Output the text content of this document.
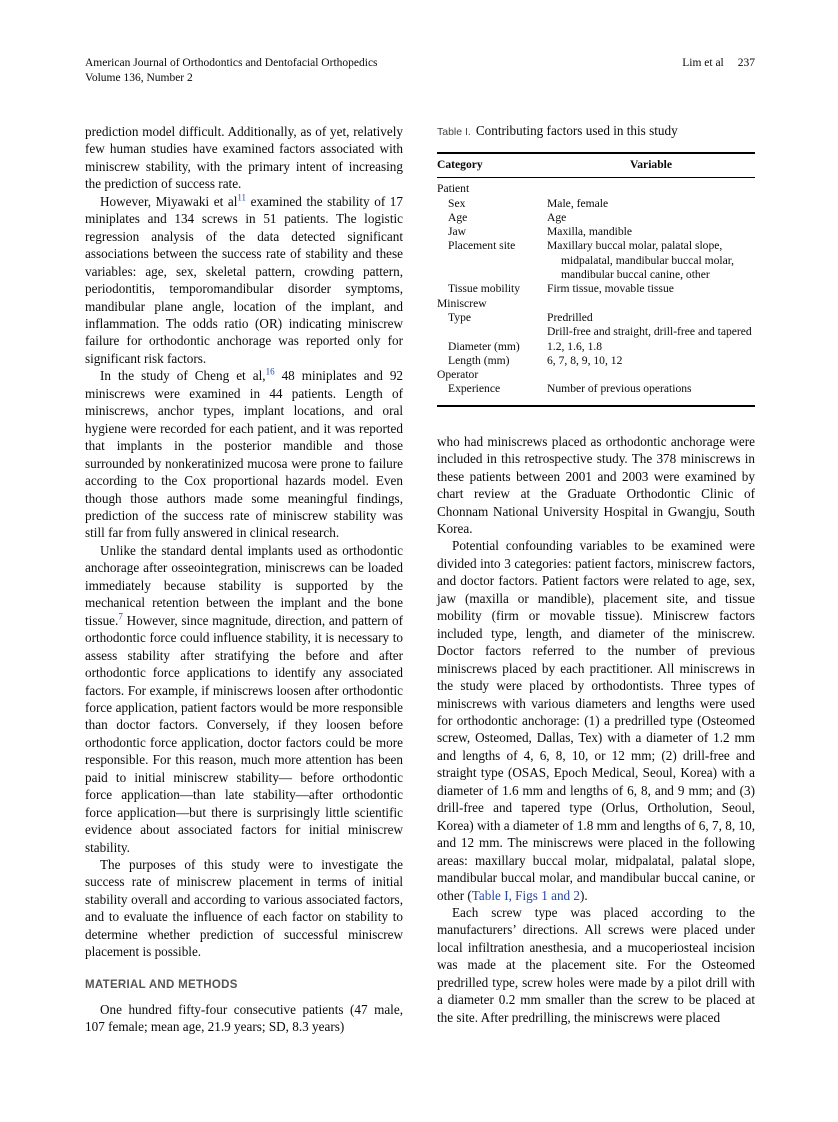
American Journal of Orthodontics and Dentofacial Orthopedics
Volume 136, Number 2
Lim et al 237

prediction model difficult. Additionally, as of yet, relatively few human studies have examined factors associated with miniscrew stability, with the primary intent of increasing the prediction of success rate.

However, Miyawaki et al$^{11}$ examined the stability of 17 miniplates and 134 screws in 51 patients. The logistic regression analysis of the data detected significant associations between the success rate of stability and these variables: age, sex, skeletal pattern, crowding pattern, periodontitis, temporomandibular disorder symptoms, mandibular plane angle, location of the implant, and inflammation. The odds ratio (OR) indicating miniscrew failure for orthodontic anchorage was reported only for significant risk factors.

In the study of Cheng et al,$^{16}$ 48 miniplates and 92 miniscrews were examined in 44 patients. Length of miniscrews, anchor types, implant locations, and oral hygiene were recorded for each patient, and it was reported that implants in the posterior mandible and those surrounded by nonkeratinized mucosa were prone to failure according to the Cox proportional hazards model. Even though those authors made some meaningful findings, prediction of the success rate of miniscrew stability was still far from fully answered in clinical research.

Unlike the standard dental implants used as orthodontic anchorage after osseointegration, miniscrews can be loaded immediately because stability is supported by the mechanical retention between the implant and the bone tissue.$^7$ However, since magnitude, direction, and pattern of orthodontic force could influence stability, it is necessary to assess stability after stratifying the before and after orthodontic force applications to identify any associated factors. For example, if miniscrews loosen after orthodontic force application, patient factors would be more responsible than doctor factors. Conversely, if they loosen before orthodontic force application, doctor factors could be more responsible. For this reason, much more attention has been paid to initial miniscrew stability— before orthodontic force application—than late stability—after orthodontic force application—but there is surprisingly little scientific evidence about associated factors for initial miniscrew stability.

The purposes of this study were to investigate the success rate of miniscrew placement in terms of initial stability overall and according to various associated factors, and to evaluate the influence of each factor on stability to determine whether prediction of successful miniscrew placement is possible.

MATERIAL AND METHODS

One hundred fifty-four consecutive patients (47 male, 107 female; mean age, 21.9 years; SD, 8.3 years)

Table I. Contributing factors used in this study
Category	Variable
Patient
Sex	Male, female
Age	Age
Jaw	Maxilla, mandible
Placement site	Maxillary buccal molar, palatal slope, midpalatal, mandibular buccal molar, mandibular buccal canine, other
Tissue mobility	Firm tissue, movable tissue
Miniscrew
Type	Predrilled
Drill-free and straight, drill-free and tapered
Diameter (mm)	1.2, 1.6, 1.8
Length (mm)	6, 7, 8, 9, 10, 12
Operator
Experience	Number of previous operations

who had miniscrews placed as orthodontic anchorage were included in this retrospective study. The 378 miniscrews in these patients between 2001 and 2003 were examined by chart review at the Graduate Orthodontic Clinic of Chonnam National University Hospital in Gwangju, South Korea.

Potential confounding variables to be examined were divided into 3 categories: patient factors, miniscrew factors, and doctor factors. Patient factors were related to age, sex, jaw (maxilla or mandible), placement site, and tissue mobility (firm or movable tissue). Miniscrew factors included type, length, and diameter of the miniscrew. Doctor factors referred to the number of previous miniscrews placed by each practitioner. All miniscrews in the study were placed by orthodontists. Three types of miniscrews with various diameters and lengths were used for orthodontic anchorage: (1) a predrilled type (Osteomed screw, Osteomed, Dallas, Tex) with a diameter of 1.2 mm and lengths of 4, 6, 8, 10, or 12 mm; (2) drill-free and straight type (OSAS, Epoch Medical, Seoul, Korea) with a diameter of 1.6 mm and lengths of 6, 8, and 9 mm; and (3) drill-free and tapered type (Orlus, Ortholution, Seoul, Korea) with a diameter of 1.8 mm and lengths of 6, 7, 8, 10, and 12 mm. The miniscrews were placed in the following areas: maxillary buccal molar, midpalatal, palatal slope, mandibular buccal molar, and mandibular buccal canine, or other (Table I, Figs 1 and 2).

Each screw type was placed according to the manufacturers’ directions. All screws were placed under local infiltration anesthesia, and a mucoperiosteal incision was made at the placement site. For the Osteomed predrilled type, screw holes were made by a pilot drill with a diameter 0.2 mm smaller than the screw to be placed at the site. After predrilling, the miniscrews were placed
